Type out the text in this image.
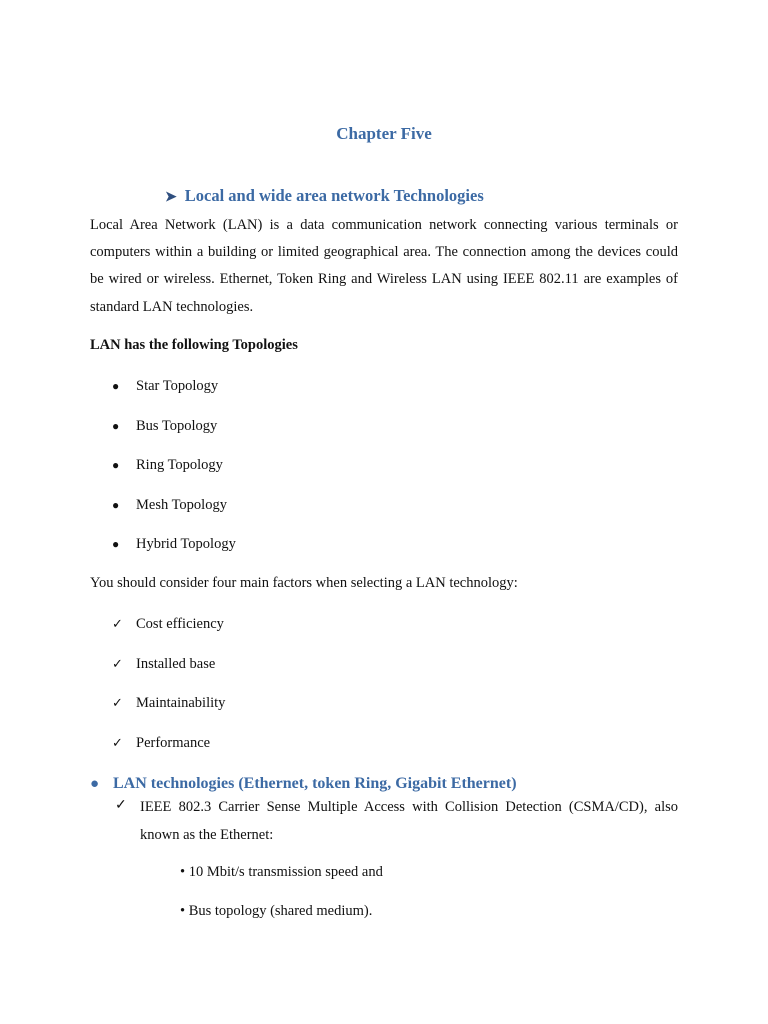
Chapter Five
➤ Local and wide area network Technologies
Local Area Network (LAN) is a data communication network connecting various terminals or computers within a building or limited geographical area. The connection among the devices could be wired or wireless. Ethernet, Token Ring and Wireless LAN using IEEE 802.11 are examples of standard LAN technologies.
LAN has the following Topologies
● Star Topology
● Bus Topology
● Ring Topology
● Mesh Topology
● Hybrid Topology
You should consider four main factors when selecting a LAN technology:
✓ Cost efficiency
✓ Installed base
✓ Maintainability
✓ Performance
● LAN technologies (Ethernet, token Ring, Gigabit Ethernet)
✓ IEEE 802.3 Carrier Sense Multiple Access with Collision Detection (CSMA/CD), also known as the Ethernet:
• 10 Mbit/s transmission speed and
• Bus topology (shared medium).
